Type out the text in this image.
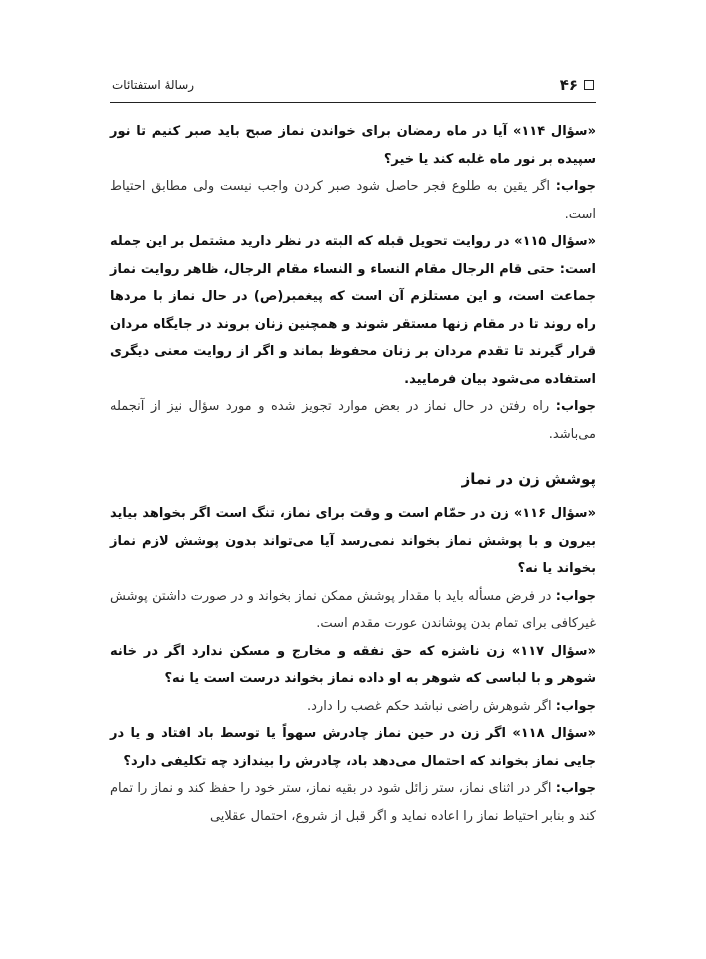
۴۶
رسالهٔ استفتائات

«سؤال ۱۱۴» آیا در ماه رمضان برای خواندن نماز صبح باید صبر کنیم تا نور سپیده بر نور ماه غلبه کند یا خیر؟

جواب: اگر یقین به طلوع فجر حاصل شود صبر کردن واجب نیست ولی مطابق احتیاط است.

«سؤال ۱۱۵» در روایت تحویل قبله که البته در نظر دارید مشتمل بر این جمله است: حتی قام الرجال مقام النساء و النساء مقام الرجال، ظاهر روایت نماز جماعت است، و این مستلزم آن است که پیغمبر(ص) در حال نماز با مردها راه روند تا در مقام زنها مستقر شوند و همچنین زنان بروند در جایگاه مردان قرار گیرند تا تقدم مردان بر زنان محفوظ بماند و اگر از روایت معنی دیگری استفاده می‌شود بیان فرمایید.

جواب: راه رفتن در حال نماز در بعض موارد تجویز شده و مورد سؤال نیز از آنجمله می‌باشد.

پوشش زن در نماز

«سؤال ۱۱۶» زن در حمّام است و وقت برای نماز، تنگ است اگر بخواهد بیاید بیرون و با پوشش نماز بخواند نمی‌رسد آیا می‌تواند بدون پوشش لازم نماز بخواند یا نه؟

جواب: در فرض مسأله باید با مقدار پوشش ممکن نماز بخواند و در صورت داشتن پوشش غیرکافی برای تمام بدن پوشاندن عورت مقدم است.

«سؤال ۱۱۷» زن ناشزه که حق نفقه و مخارج و مسکن ندارد اگر در خانه شوهر و با لباسی که شوهر به او داده نماز بخواند درست است یا نه؟

جواب: اگر شوهرش راضی نباشد حکم غصب را دارد.

«سؤال ۱۱۸» اگر زن در حین نماز چادرش سهواً یا توسط باد افتاد و یا در جایی نماز بخواند که احتمال می‌دهد باد، چادرش را بیندازد چه تکلیفی دارد؟

جواب: اگر در اثنای نماز، ستر زائل شود در بقیه نماز، ستر خود را حفظ کند و نماز را تمام کند و بنابر احتیاط نماز را اعاده نماید و اگر قبل از شروع، احتمال عقلایی
